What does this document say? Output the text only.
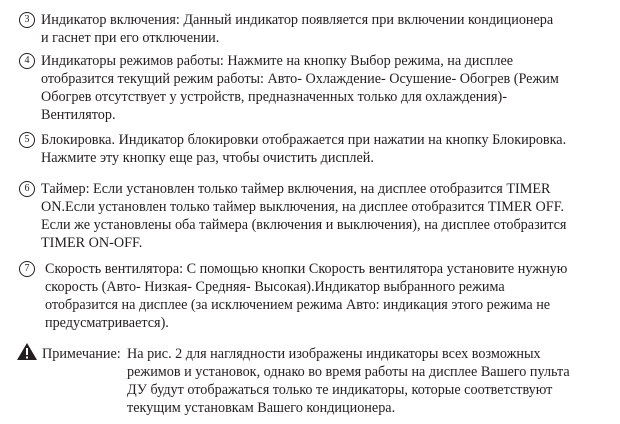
3 Индикатор включения: Данный индикатор появляется при включении кондиционера
и гаснет при его отключении.
4 Индикаторы режимов работы: Нажмите на кнопку Выбор режима, на дисплее
отобразится текущий режим работы: Авто- Охлаждение- Осушение- Обогрев (Режим
Обогрев отсутствует у устройств, предназначенных только для охлаждения)-
Вентилятор.
5 Блокировка. Индикатор блокировки отображается при нажатии на кнопку Блокировка.
Нажмите эту кнопку еще раз, чтобы очистить дисплей.
6 Таймер: Если установлен только таймер включения, на дисплее отобразится TIMER
ON.Если установлен только таймер выключения, на дисплее отобразится TIMER OFF.
Если же установлены оба таймера (включения и выключения), на дисплее отобразится
TIMER ON-OFF.
7	Скорость вентилятора: С помощью кнопки Скорость вентилятора установите нужную
скорость (Авто- Низкая- Средняя- Высокая).Индикатор выбранного режима
отобразится на дисплее (за исключением режима Авто: индикация этого режима не
предусматривается).
Примечание: На рис. 2 для наглядности изображены индикаторы всех возможных
режимов и установок, однако во время работы на дисплее Вашего пульта
ДУ будут отображаться только те индикаторы, которые соответствуют
текущим установкам Вашего кондиционера.
